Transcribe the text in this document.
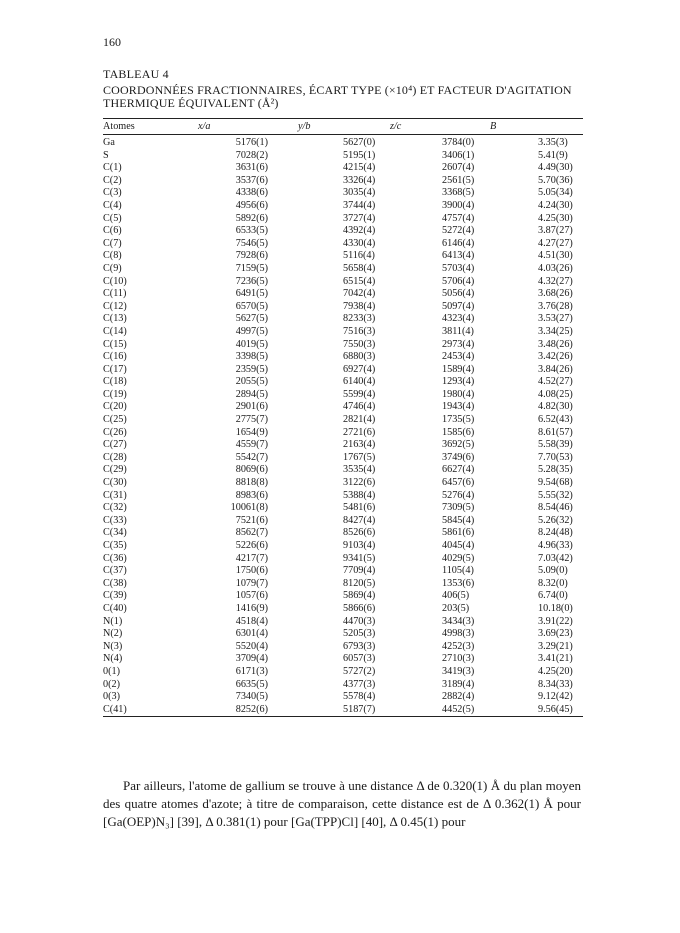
160
TABLEAU 4
COORDONNÉES FRACTIONNAIRES, ÉCART TYPE (×10⁴) ET FACTEUR D'AGITATION THERMIQUE ÉQUIVALENT (Å²)
Atomes	x/a	y/b	z/c	B
Ga	5176(1)	5627(0)	3784(0)	3.35(3)
S	7028(2)	5195(1)	3406(1)	5.41(9)
C(1)	3631(6)	4215(4)	2607(4)	4.49(30)
C(2)	3537(6)	3326(4)	2561(5)	5.70(36)
C(3)	4338(6)	3035(4)	3368(5)	5.05(34)
C(4)	4956(6)	3744(4)	3900(4)	4.24(30)
C(5)	5892(6)	3727(4)	4757(4)	4.25(30)
C(6)	6533(5)	4392(4)	5272(4)	3.87(27)
C(7)	7546(5)	4330(4)	6146(4)	4.27(27)
C(8)	7928(6)	5116(4)	6413(4)	4.51(30)
C(9)	7159(5)	5658(4)	5703(4)	4.03(26)
C(10)	7236(5)	6515(4)	5706(4)	4.32(27)
C(11)	6491(5)	7042(4)	5056(4)	3.68(26)
C(12)	6570(5)	7938(4)	5097(4)	3.76(28)
C(13)	5627(5)	8233(3)	4323(4)	3.53(27)
C(14)	4997(5)	7516(3)	3811(4)	3.34(25)
C(15)	4019(5)	7550(3)	2973(4)	3.48(26)
C(16)	3398(5)	6880(3)	2453(4)	3.42(26)
C(17)	2359(5)	6927(4)	1589(4)	3.84(26)
C(18)	2055(5)	6140(4)	1293(4)	4.52(27)
C(19)	2894(5)	5599(4)	1980(4)	4.08(25)
C(20)	2901(6)	4746(4)	1943(4)	4.82(30)
C(25)	2775(7)	2821(4)	1735(5)	6.52(43)
C(26)	1654(9)	2721(6)	1585(6)	8.61(57)
C(27)	4559(7)	2163(4)	3692(5)	5.58(39)
C(28)	5542(7)	1767(5)	3749(6)	7.70(53)
C(29)	8069(6)	3535(4)	6627(4)	5.28(35)
C(30)	8818(8)	3122(6)	6457(6)	9.54(68)
C(31)	8983(6)	5388(4)	5276(4)	5.55(32)
C(32)	10061(8)	5481(6)	7309(5)	8.54(46)
C(33)	7521(6)	8427(4)	5845(4)	5.26(32)
C(34)	8562(7)	8526(6)	5861(6)	8.24(48)
C(35)	5226(6)	9103(4)	4045(4)	4.96(33)
C(36)	4217(7)	9341(5)	4029(5)	7.03(42)
C(37)	1750(6)	7709(4)	1105(4)	5.09(0)
C(38)	1079(7)	8120(5)	1353(6)	8.32(0)
C(39)	1057(6)	5869(4)	406(5)	6.74(0)
C(40)	1416(9)	5866(6)	203(5)	10.18(0)
N(1)	4518(4)	4470(3)	3434(3)	3.91(22)
N(2)	6301(4)	5205(3)	4998(3)	3.69(23)
N(3)	5520(4)	6793(3)	4252(3)	3.29(21)
N(4)	3709(4)	6057(3)	2710(3)	3.41(21)
0(1)	6171(3)	5727(2)	3419(3)	4.25(20)
0(2)	6635(5)	4377(3)	3189(4)	8.34(33)
0(3)	7340(5)	5578(4)	2882(4)	9.12(42)
C(41)	8252(6)	5187(7)	4452(5)	9.56(45)

Par ailleurs, l'atome de gallium se trouve à une distance Δ de 0.320(1) Å du plan moyen des quatre atomes d'azote; à titre de comparaison, cette distance est de Δ 0.362(1) Å pour [Ga(OEP)N₃] [39], Δ 0.381(1) pour [Ga(TPP)Cl] [40], Δ 0.45(1) pour
